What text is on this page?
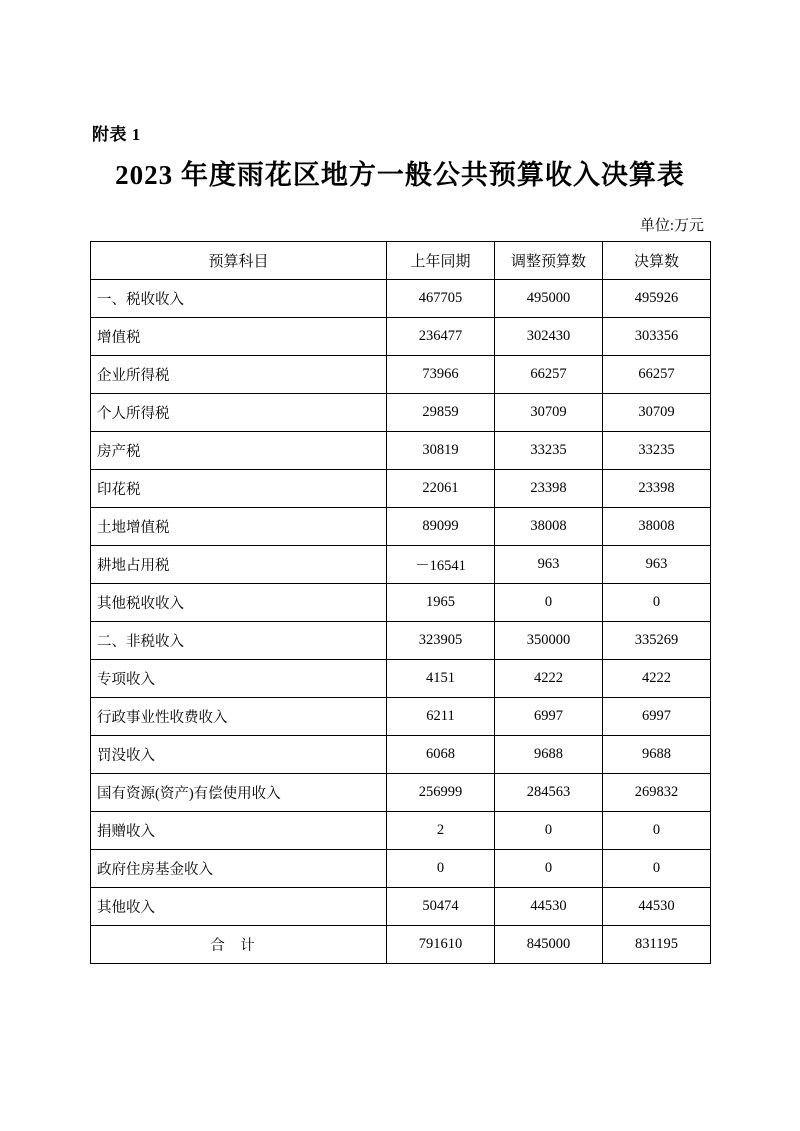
附表 1
2023 年度雨花区地方一般公共预算收入决算表
单位:万元
预算科目	上年同期	调整预算数	决算数
一、税收收入	467705	495000	495926
增值税	236477	302430	303356
企业所得税	73966	66257	66257
个人所得税	29859	30709	30709
房产税	30819	33235	33235
印花税	22061	23398	23398
土地增值税	89099	38008	38008
耕地占用税	－16541	963	963
其他税收收入	1965	0	0
二、非税收入	323905	350000	335269
专项收入	4151	4222	4222
行政事业性收费收入	6211	6997	6997
罚没收入	6068	9688	9688
国有资源(资产)有偿使用收入	256999	284563	269832
捐赠收入	2	0	0
政府住房基金收入	0	0	0
其他收入	50474	44530	44530
合 计	791610	845000	831195
